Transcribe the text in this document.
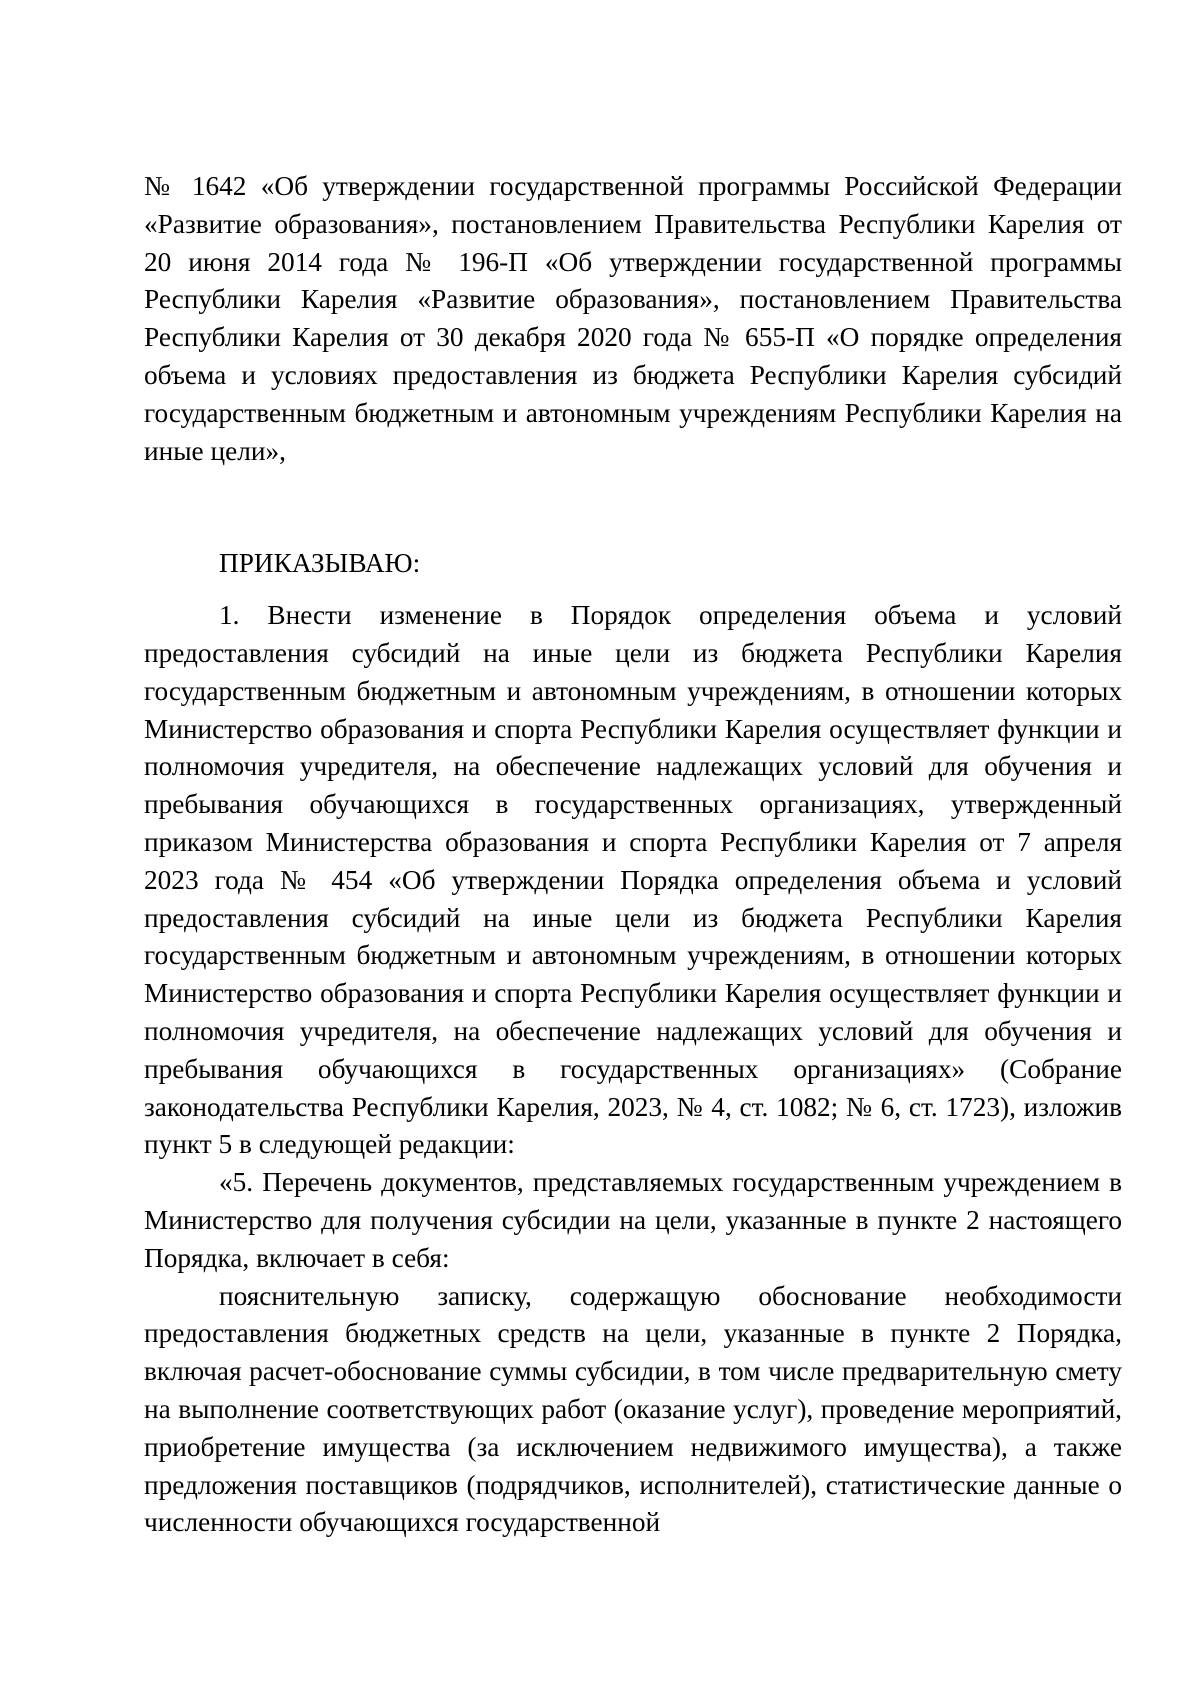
№ 1642 «Об утверждении государственной программы Российской Федерации «Развитие образования», постановлением Правительства Республики Карелия от 20 июня 2014 года № 196-П «Об утверждении государственной программы Республики Карелия «Развитие образования», постановлением Правительства Республики Карелия от 30 декабря 2020 года № 655-П «О порядке определения объема и условиях предоставления из бюджета Республики Карелия субсидий государственным бюджетным и автономным учреждениям Республики Карелия на иные цели»,

ПРИКАЗЫВАЮ:

1. Внести изменение в Порядок определения объема и условий предоставления субсидий на иные цели из бюджета Республики Карелия государственным бюджетным и автономным учреждениям, в отношении которых Министерство образования и спорта Республики Карелия осуществляет функции и полномочия учредителя, на обеспечение надлежащих условий для обучения и пребывания обучающихся в государственных организациях, утвержденный приказом Министерства образования и спорта Республики Карелия от 7 апреля 2023 года № 454 «Об утверждении Порядка определения объема и условий предоставления субсидий на иные цели из бюджета Республики Карелия государственным бюджетным и автономным учреждениям, в отношении которых Министерство образования и спорта Республики Карелия осуществляет функции и полномочия учредителя, на обеспечение надлежащих условий для обучения и пребывания обучающихся в государственных организациях» (Собрание законодательства Республики Карелия, 2023, № 4, ст. 1082; № 6, ст. 1723), изложив пункт 5 в следующей редакции:

«5. Перечень документов, представляемых государственным учреждением в Министерство для получения субсидии на цели, указанные в пункте 2 настоящего Порядка, включает в себя:

пояснительную записку, содержащую обоснование необходимости предоставления бюджетных средств на цели, указанные в пункте 2 Порядка, включая расчет-обоснование суммы субсидии, в том числе предварительную смету на выполнение соответствующих работ (оказание услуг), проведение мероприятий, приобретение имущества (за исключением недвижимого имущества), а также предложения поставщиков (подрядчиков, исполнителей), статистические данные о численности обучающихся государственной
